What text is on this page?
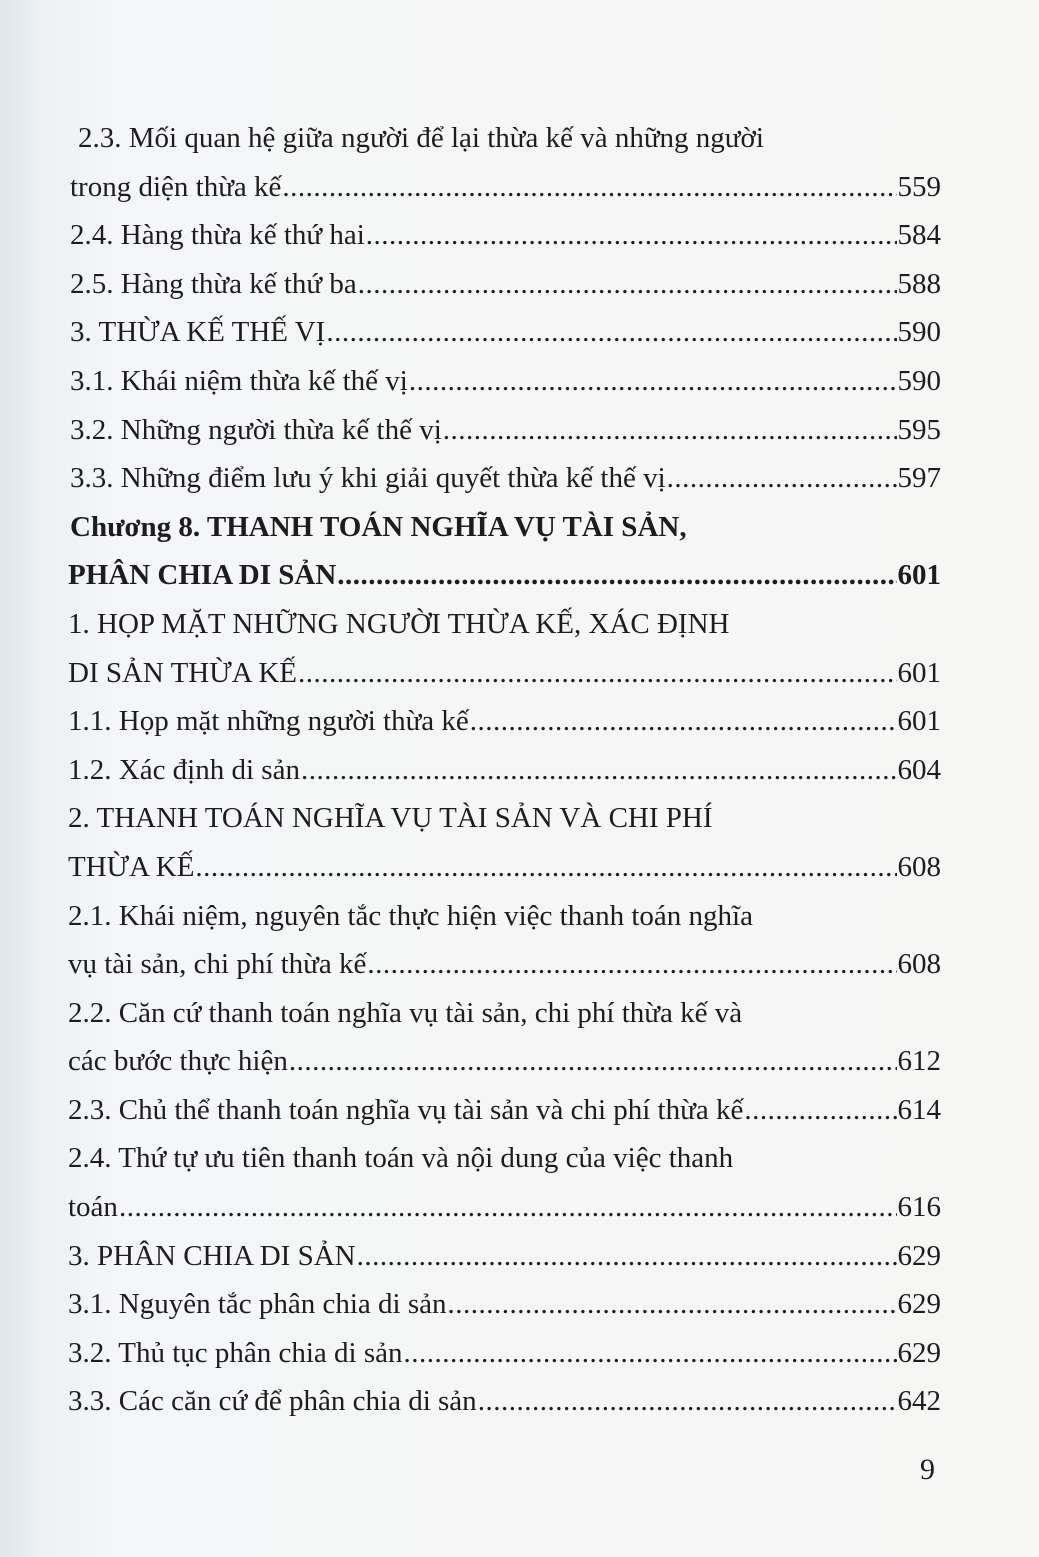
2.3. Mối quan hệ giữa người để lại thừa kế và những người
trong diện thừa kế .....	559
2.4. Hàng thừa kế thứ hai .....	584
2.5. Hàng thừa kế thứ ba .....	588
3. THỪA KẾ THẾ VỊ .....	590
3.1. Khái niệm thừa kế thế vị .....	590
3.2. Những người thừa kế thế vị .....	595
3.3. Những điểm lưu ý khi giải quyết thừa kế thế vị .....	597
Chương 8. THANH TOÁN NGHĨA VỤ TÀI SẢN,
PHÂN CHIA DI SẢN .....	601
1. HỌP MẶT NHỮNG NGƯỜI THỪA KẾ, XÁC ĐỊNH
DI SẢN THỪA KẾ .....	601
1.1. Họp mặt những người thừa kế .....	601
1.2. Xác định di sản .....	604
2. THANH TOÁN NGHĨA VỤ TÀI SẢN VÀ CHI PHÍ
THỪA KẾ .....	608
2.1. Khái niệm, nguyên tắc thực hiện việc thanh toán nghĩa
vụ tài sản, chi phí thừa kế .....	608
2.2. Căn cứ thanh toán nghĩa vụ tài sản, chi phí thừa kế và
các bước thực hiện .....	612
2.3. Chủ thể thanh toán nghĩa vụ tài sản và chi phí thừa kế .....	614
2.4. Thứ tự ưu tiên thanh toán và nội dung của việc thanh
toán .....	616
3. PHÂN CHIA DI SẢN .....	629
3.1. Nguyên tắc phân chia di sản .....	629
3.2. Thủ tục phân chia di sản .....	629
3.3. Các căn cứ để phân chia di sản .....	642
9
